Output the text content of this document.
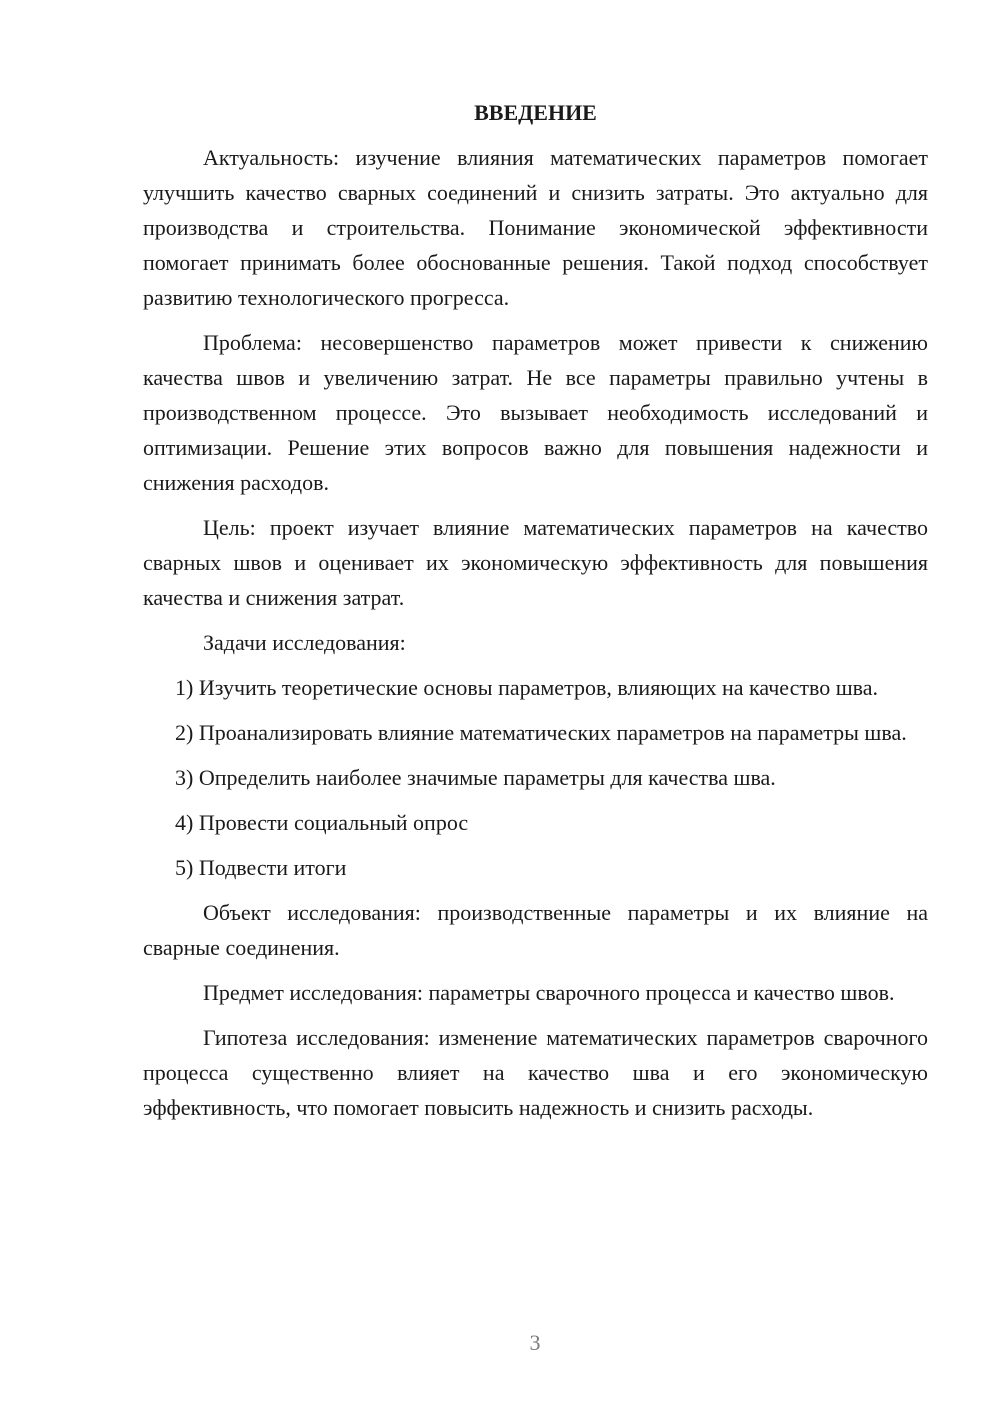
ВВЕДЕНИЕ

Актуальность: изучение влияния математических параметров помогает улучшить качество сварных соединений и снизить затраты. Это актуально для производства и строительства. Понимание экономической эффективности помогает принимать более обоснованные решения. Такой подход способствует развитию технологического прогресса.

Проблема: несовершенство параметров может привести к снижению качества швов и увеличению затрат. Не все параметры правильно учтены в производственном процессе. Это вызывает необходимость исследований и оптимизации. Решение этих вопросов важно для повышения надежности и снижения расходов.

Цель: проект изучает влияние математических параметров на качество сварных швов и оценивает их экономическую эффективность для повышения качества и снижения затрат.

Задачи исследования:

1) Изучить теоретические основы параметров, влияющих на качество шва.

2) Проанализировать влияние математических параметров на параметры шва.

3) Определить наиболее значимые параметры для качества шва.

4) Провести социальный опрос

5) Подвести итоги

Объект исследования: производственные параметры и их влияние на сварные соединения.

Предмет исследования: параметры сварочного процесса и качество швов.

Гипотеза исследования: изменение математических параметров сварочного процесса существенно влияет на качество шва и его экономическую эффективность, что помогает повысить надежность и снизить расходы.

3
